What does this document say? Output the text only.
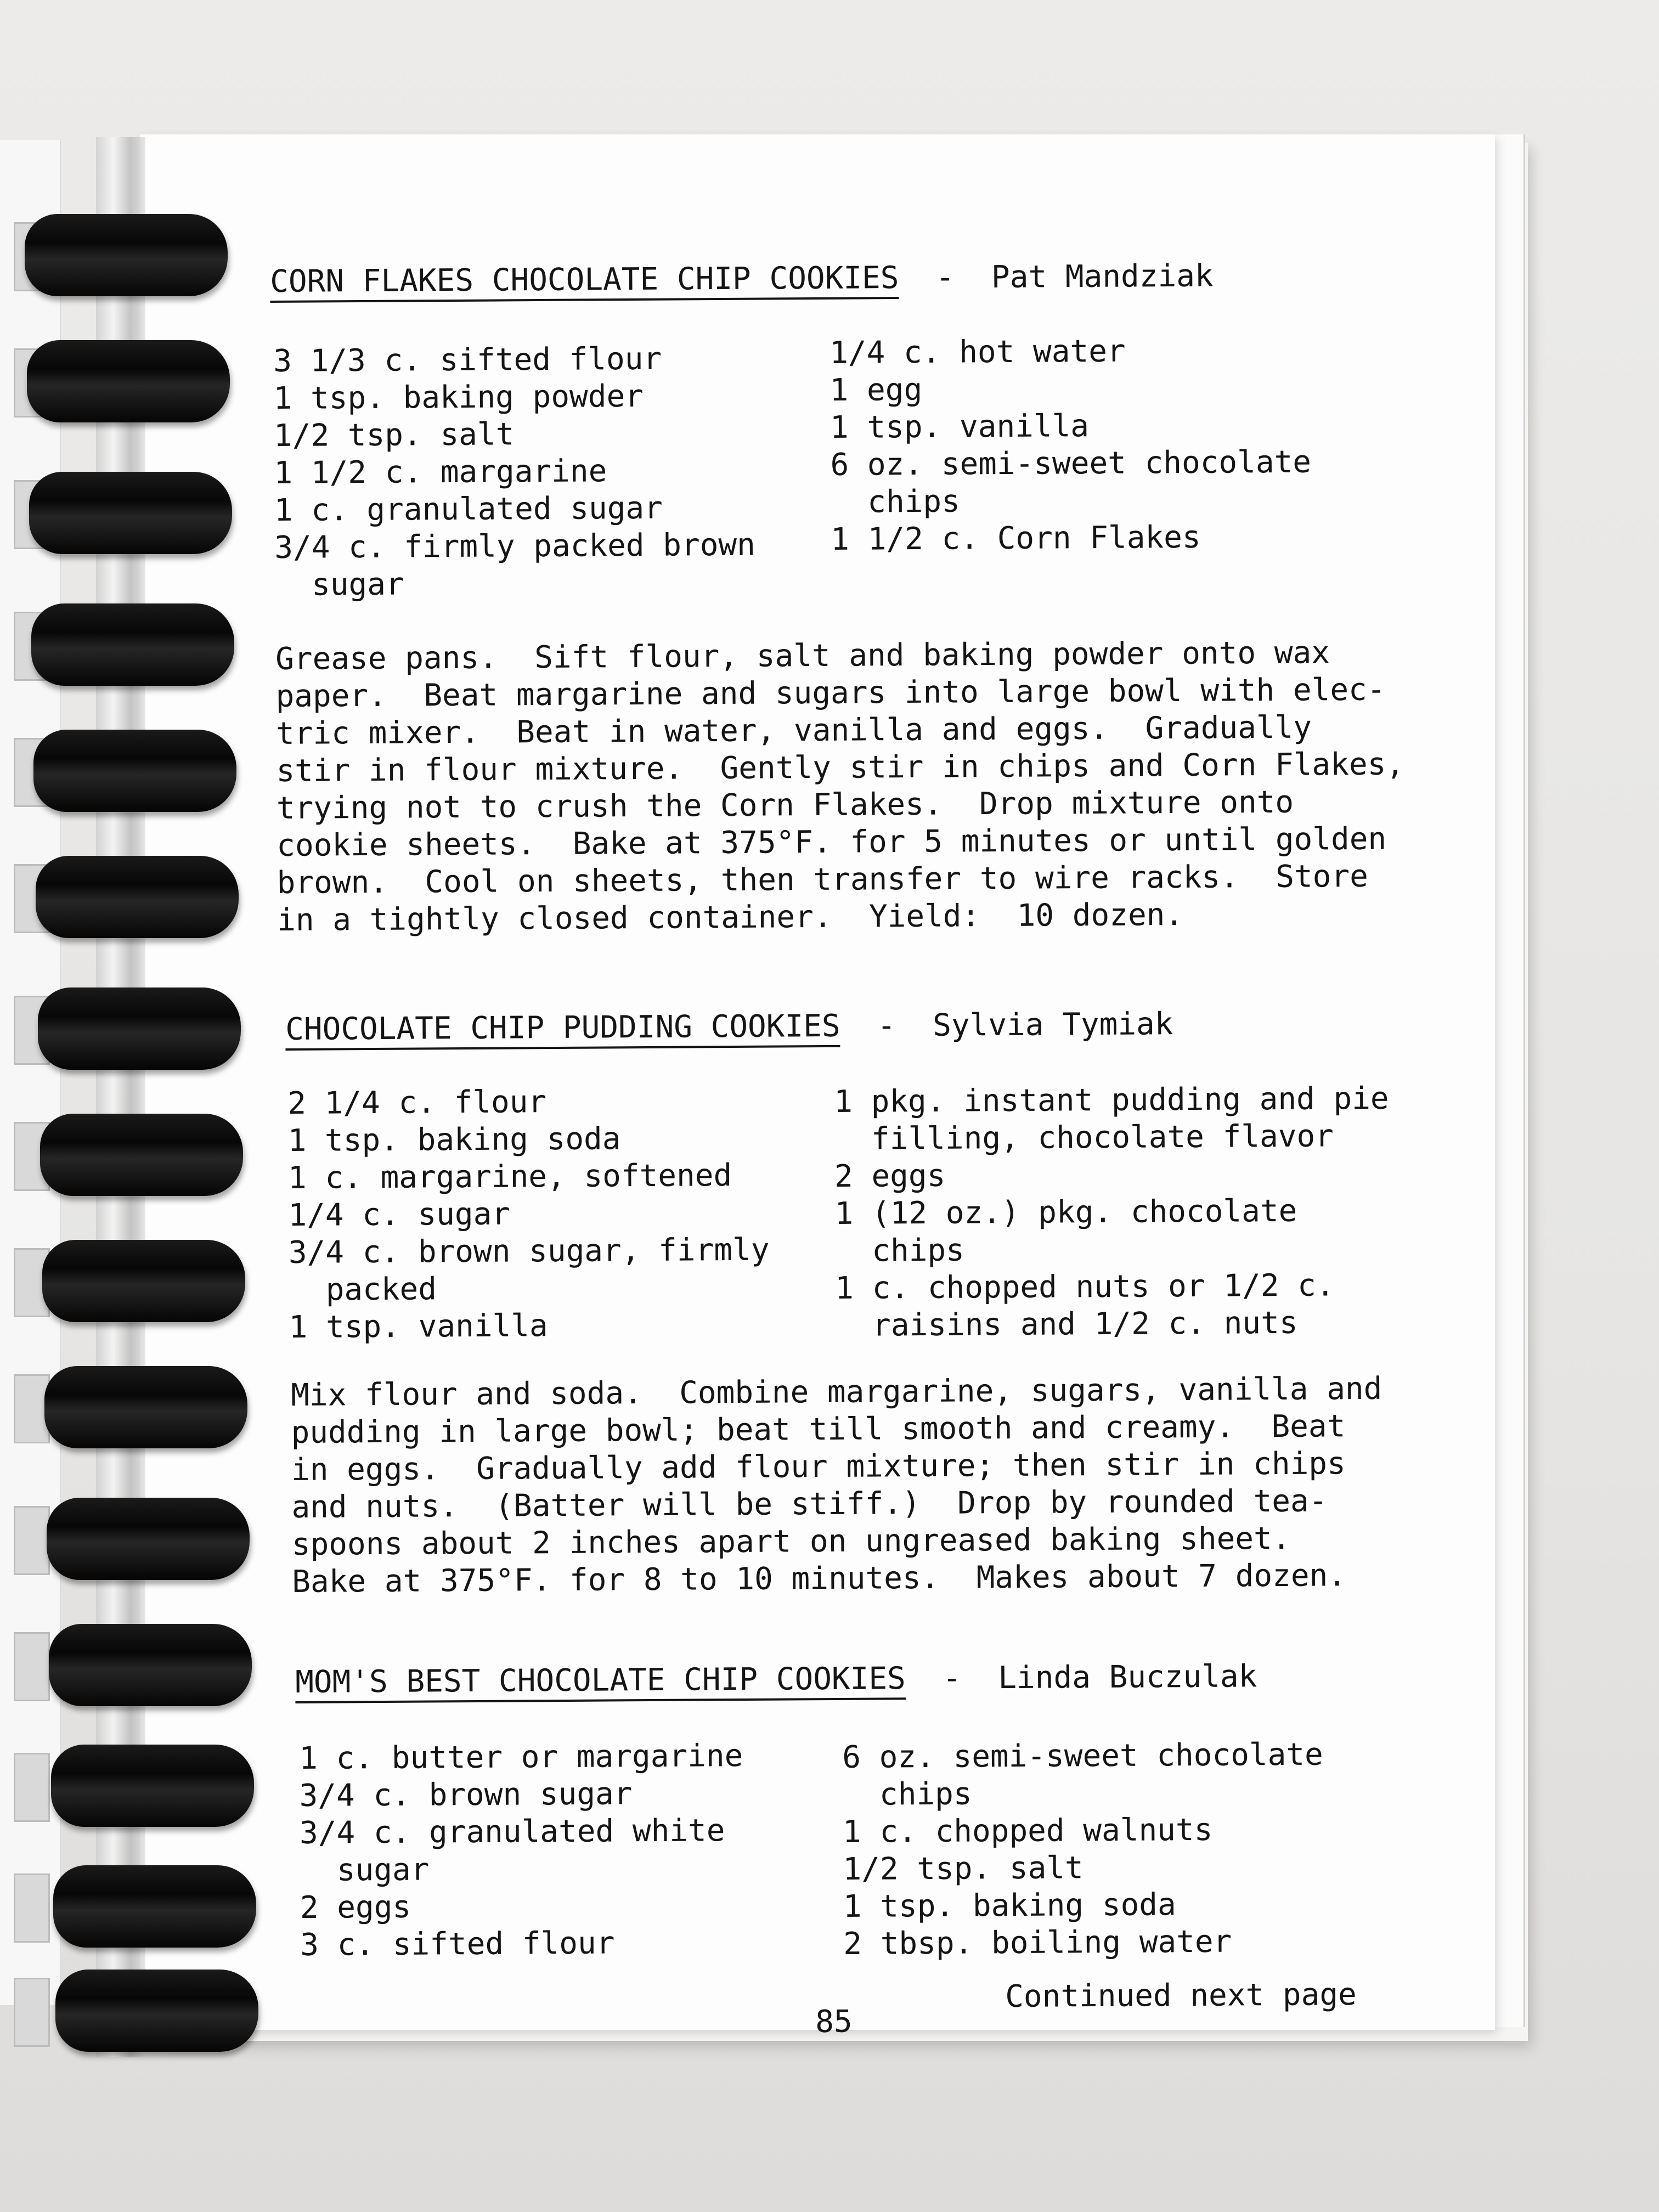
CORN FLAKES CHOCOLATE CHIP COOKIES  -  Pat Mandziak
3 1/3 c. sifted flour
1 tsp. baking powder
1/2 tsp. salt
1 1/2 c. margarine
1 c. granulated sugar
3/4 c. firmly packed brown
sugar
1/4 c. hot water
1 egg
1 tsp. vanilla
6 oz. semi-sweet chocolate
chips
1 1/2 c. Corn Flakes
Grease pans.  Sift flour, salt and baking powder onto wax
paper.  Beat margarine and sugars into large bowl with elec-
tric mixer.  Beat in water, vanilla and eggs.  Gradually
stir in flour mixture.  Gently stir in chips and Corn Flakes,
trying not to crush the Corn Flakes.  Drop mixture onto
cookie sheets.  Bake at 375°F. for 5 minutes or until golden
brown.  Cool on sheets, then transfer to wire racks.  Store
in a tightly closed container.  Yield:  10 dozen.
CHOCOLATE CHIP PUDDING COOKIES  -  Sylvia Tymiak
2 1/4 c. flour
1 tsp. baking soda
1 c. margarine, softened
1/4 c. sugar
3/4 c. brown sugar, firmly
packed
1 tsp. vanilla
1 pkg. instant pudding and pie
filling, chocolate flavor
2 eggs
1 (12 oz.) pkg. chocolate
chips
1 c. chopped nuts or 1/2 c.
raisins and 1/2 c. nuts
Mix flour and soda.  Combine margarine, sugars, vanilla and
pudding in large bowl; beat till smooth and creamy.  Beat
in eggs.  Gradually add flour mixture; then stir in chips
and nuts.  (Batter will be stiff.)  Drop by rounded tea-
spoons about 2 inches apart on ungreased baking sheet.
Bake at 375°F. for 8 to 10 minutes.  Makes about 7 dozen.
MOM'S BEST CHOCOLATE CHIP COOKIES  -  Linda Buczulak
1 c. butter or margarine
3/4 c. brown sugar
3/4 c. granulated white
sugar
2 eggs
3 c. sifted flour
6 oz. semi-sweet chocolate
chips
1 c. chopped walnuts
1/2 tsp. salt
1 tsp. baking soda
2 tbsp. boiling water
Continued next page
85
